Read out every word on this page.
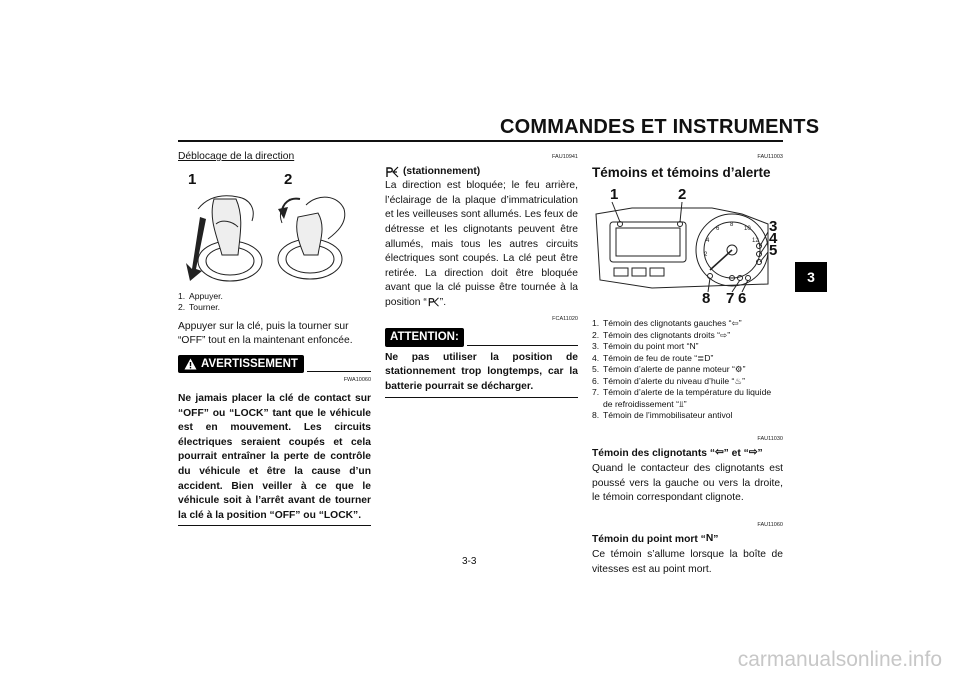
COMMANDES ET INSTRUMENTS
3
Déblocage de la direction
1	2
1. Appuyer.
2. Tourner.
Appuyer sur la clé, puis la tourner sur “OFF” tout en la maintenant enfoncée.
AVERTISSEMENT
FWA10060
Ne jamais placer la clé de contact sur “OFF” ou “LOCK” tant que le véhicule est en mouvement. Les circuits électriques seraient coupés et cela pourrait entraîner la perte de contrôle du véhicule et être la cause d’un accident. Bien veiller à ce que le véhicule soit à l’arrêt avant de tourner la clé à la position “OFF” ou “LOCK”.
FAU10941
(stationnement)
La direction est bloquée; le feu arrière, l’éclairage de la plaque d’immatriculation et les veilleuses sont allumés. Les feux de détresse et les clignotants peuvent être allumés, mais tous les autres circuits électriques sont coupés. La clé peut être retirée. La direction doit être bloquée avant que la clé puisse être tournée à la position “ ”.
FCA11020
ATTENTION:
Ne pas utiliser la position de stationnement trop longtemps, car la batterie pourrait se décharger.
FAU11003
Témoins et témoins d’alerte
2
4
6
8
10
12
1	2
3
4
5
8 7 6
1. Témoin des clignotants gauches “⇦”
2. Témoin des clignotants droits “⇨”
3. Témoin du point mort “N”
4. Témoin de feu de route “≣D”
5. Témoin d’alerte de panne moteur “⚙”
6. Témoin d’alerte du niveau d’huile “♨”
7. Témoin d’alerte de la température du liquide de refroidissement “⫫”
8. Témoin de l’immobilisateur antivol
FAU11030
Témoin des clignotants “⇦” et “⇨”
Quand le contacteur des clignotants est poussé vers la gauche ou vers la droite, le témoin correspondant clignote.
FAU11060
Témoin du point mort “N”
Ce témoin s’allume lorsque la boîte de vitesses est au point mort.
3-3
carmanualsonline.info
